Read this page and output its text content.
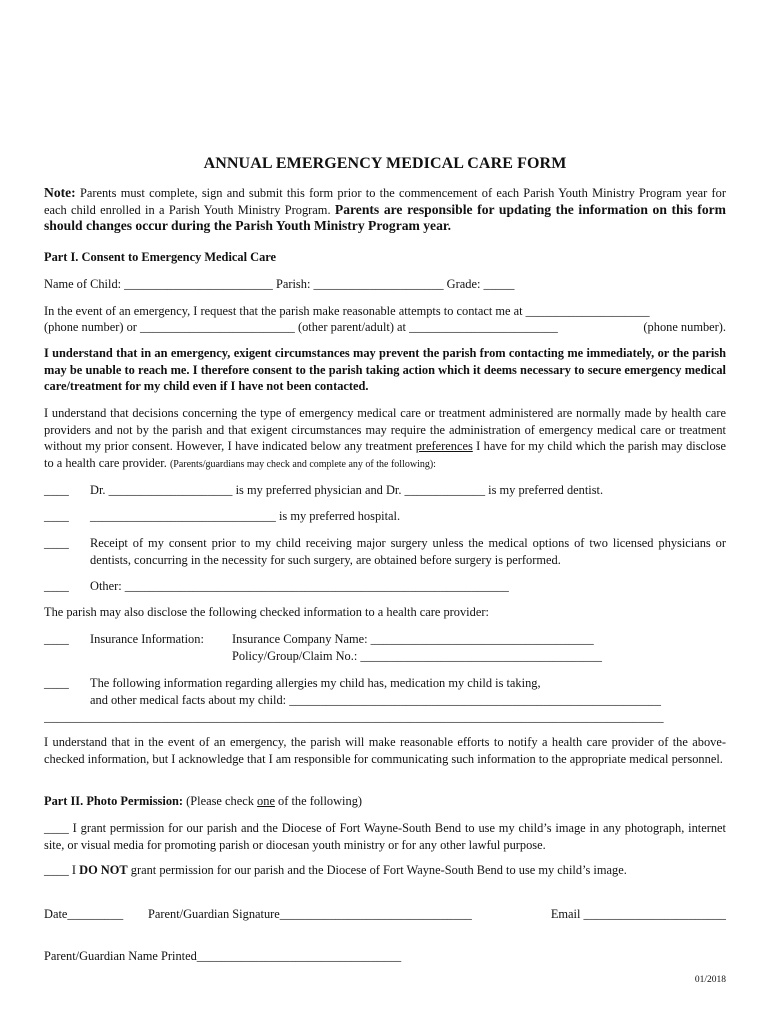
ANNUAL EMERGENCY MEDICAL CARE FORM
Note: Parents must complete, sign and submit this form prior to the commencement of each Parish Youth Ministry Program year for each child enrolled in a Parish Youth Ministry Program. Parents are responsible for updating the information on this form should changes occur during the Parish Youth Ministry Program year.
Part I. Consent to Emergency Medical Care
Name of Child: ________________________ Parish: _____________________ Grade: _____
In the event of an emergency, I request that the parish make reasonable attempts to contact me at ____________________
(phone number) or _________________________ (other parent/adult) at ________________________	(phone number).
I understand that in an emergency, exigent circumstances may prevent the parish from contacting me immediately, or the parish may be unable to reach me. I therefore consent to the parish taking action which it deems necessary to secure emergency medical care/treatment for my child even if I have not been contacted.
I understand that decisions concerning the type of emergency medical care or treatment administered are normally made by health care providers and not by the parish and that exigent circumstances may require the administration of emergency medical care or treatment without my prior consent. However, I have indicated below any treatment preferences I have for my child which the parish may disclose to a health care provider. (Parents/guardians may check and complete any of the following):
____ Dr. ____________________ is my preferred physician and Dr. _____________ is my preferred dentist.
____ ______________________________ is my preferred hospital.
____ Receipt of my consent prior to my child receiving major surgery unless the medical options of two licensed physicians or dentists, concurring in the necessity for such surgery, are obtained before surgery is performed.
____ Other: ______________________________________________________________
The parish may also disclose the following checked information to a health care provider:
____ Insurance Information: Insurance Company Name: ____________________________________
Policy/Group/Claim No.: _______________________________________
____ The following information regarding allergies my child has, medication my child is taking,
and other medical facts about my child: ____________________________________________________________
____________________________________________________________________________________________________
I understand that in the event of an emergency, the parish will make reasonable efforts to notify a health care provider of the above-checked information, but I acknowledge that I am responsible for communicating such information to the appropriate medical personnel.
Part II. Photo Permission: (Please check one of the following)
____ I grant permission for our parish and the Diocese of Fort Wayne-South Bend to use my child’s image in any photograph, internet site, or visual media for promoting parish or diocesan youth ministry or for any other lawful purpose.
____ I DO NOT grant permission for our parish and the Diocese of Fort Wayne-South Bend to use my child’s image.
Date_________ Parent/Guardian Signature_______________________________	Email _______________________
Parent/Guardian Name Printed_________________________________
01/2018
